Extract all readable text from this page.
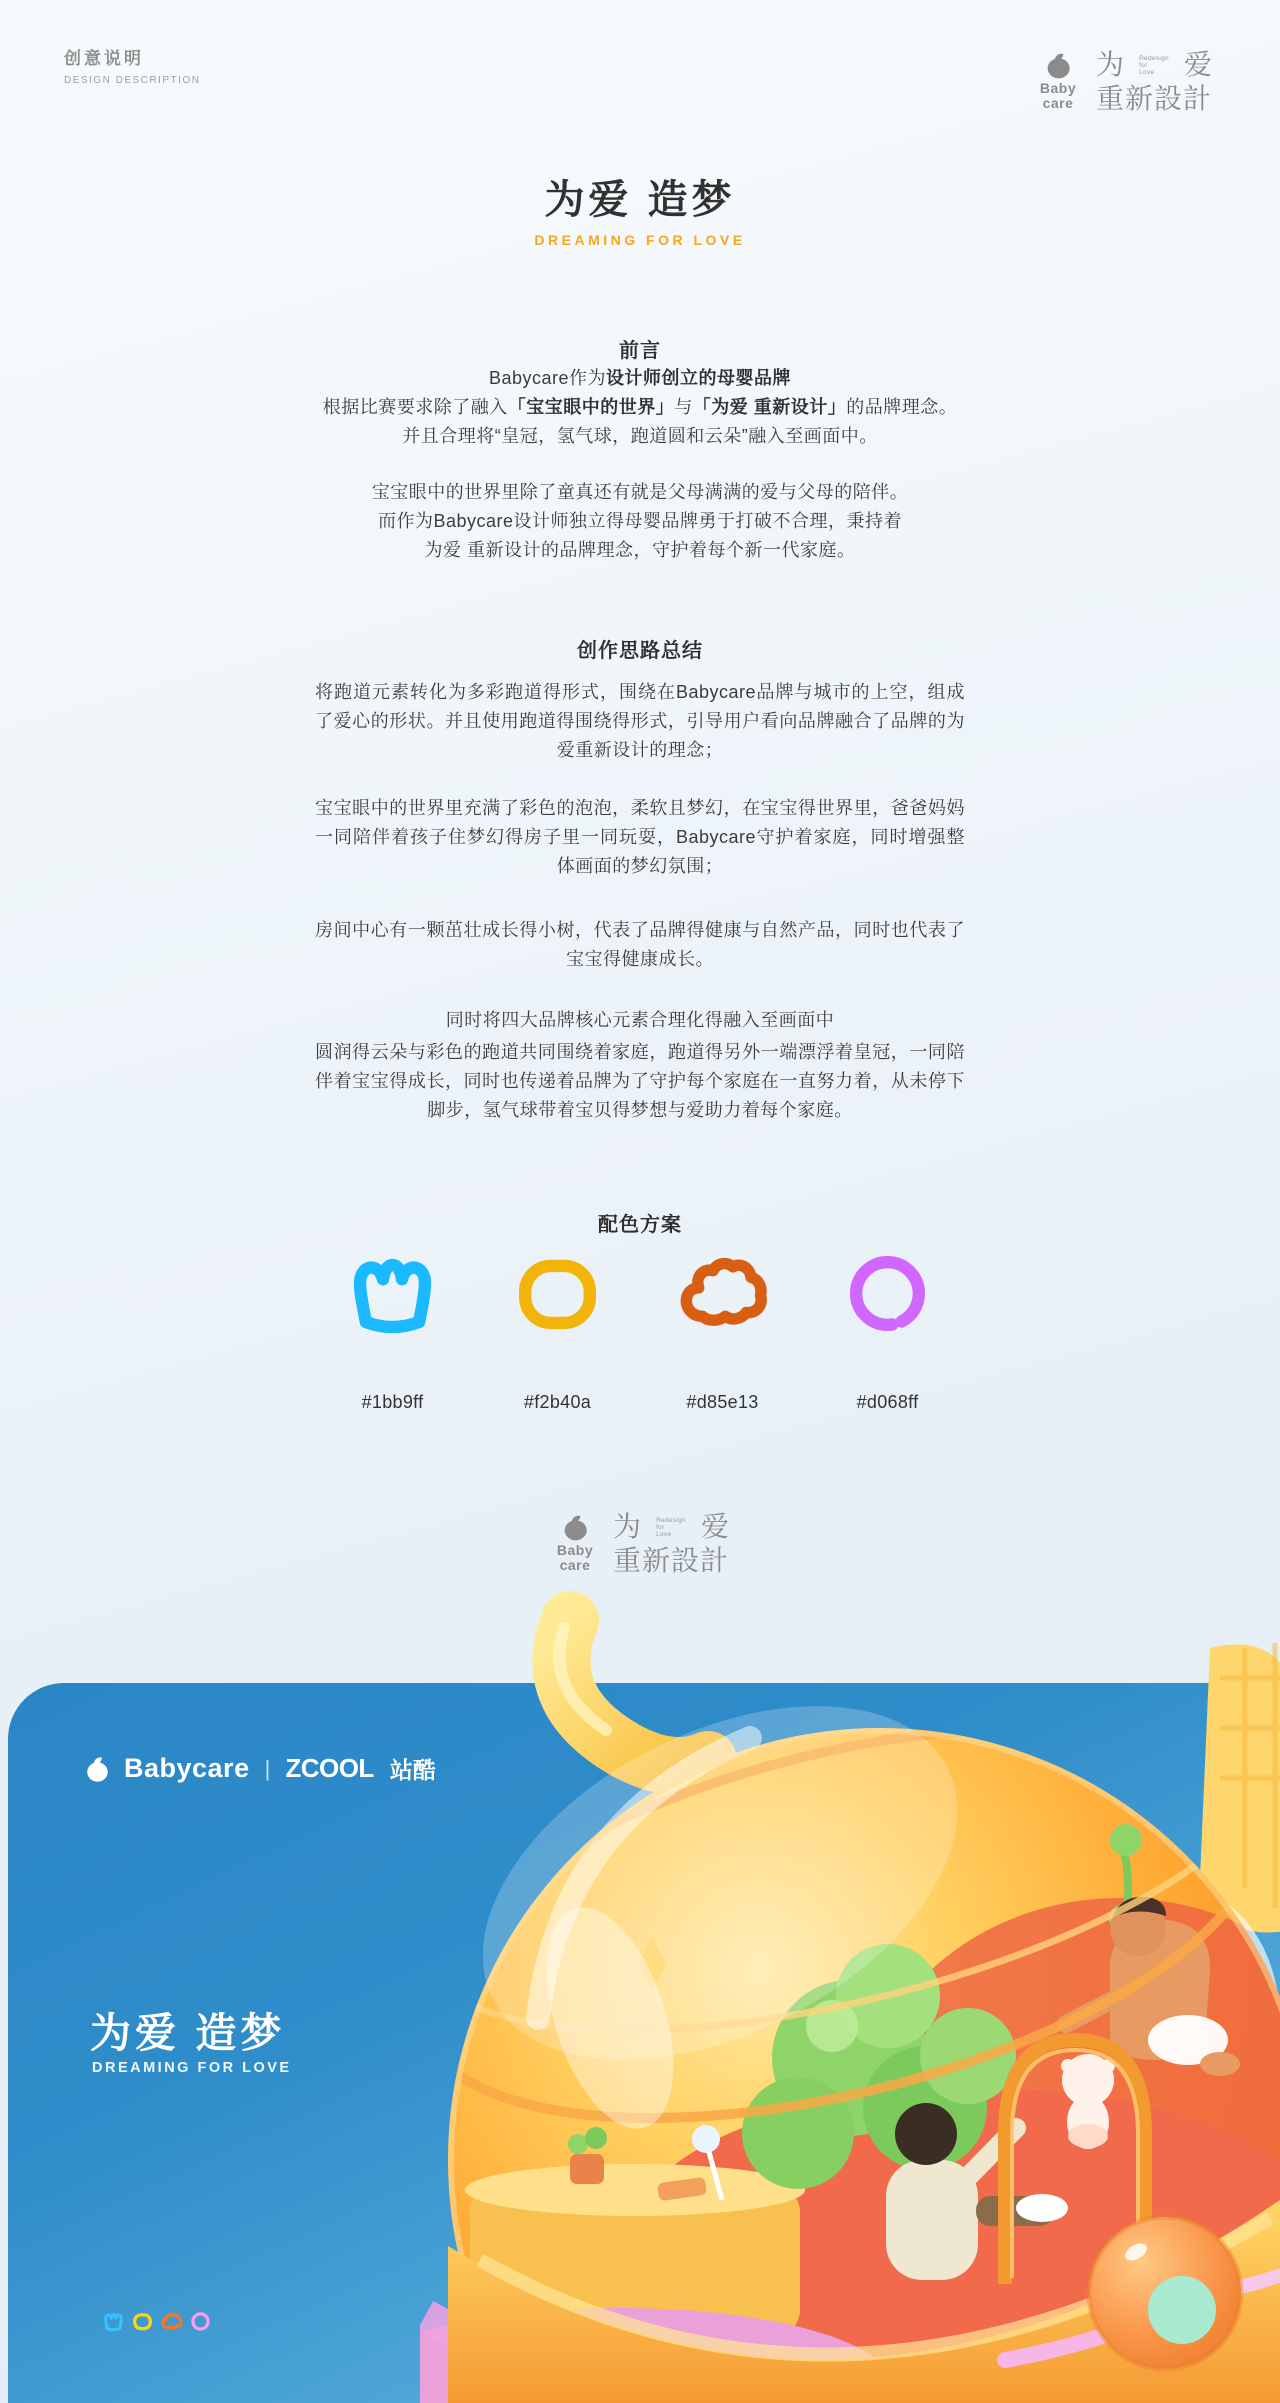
创意说明
DESIGN DESCRIPTION	Baby
care
为 Redesign
for
Love	爱
重新設計
为爱 造梦
DREAMING FOR LOVE
前言
Babycare作为设计师创立的母婴品牌
根据比赛要求除了融入「宝宝眼中的世界」与「为爱 重新设计」的品牌理念。
并且合理将“皇冠，氢气球，跑道圆和云朵”融入至画面中。
宝宝眼中的世界里除了童真还有就是父母满满的爱与父母的陪伴。
而作为Babycare设计师独立得母婴品牌勇于打破不合理，秉持着
为爱 重新设计的品牌理念，守护着每个新一代家庭。
创作思路总结
将跑道元素转化为多彩跑道得形式，围绕在Babycare品牌与城市的上空，组成了爱心的形状。并且使用跑道得围绕得形式，引导用户看向品牌融合了品牌的为爱重新设计的理念；
宝宝眼中的世界里充满了彩色的泡泡，柔软且梦幻，在宝宝得世界里，爸爸妈妈一同陪伴着孩子住梦幻得房子里一同玩耍，Babycare守护着家庭，同时增强整体画面的梦幻氛围；
房间中心有一颗茁壮成长得小树，代表了品牌得健康与自然产品，同时也代表了宝宝得健康成长。
同时将四大品牌核心元素合理化得融入至画面中
圆润得云朵与彩色的跑道共同围绕着家庭，跑道得另外一端漂浮着皇冠，一同陪伴着宝宝得成长，同时也传递着品牌为了守护每个家庭在一直努力着，从未停下脚步，氢气球带着宝贝得梦想与爱助力着每个家庭。
配色方案
#1bb9ff	#f2b40a	#d85e13	#d068ff
Baby
care
为 Redesign
for
Love	爱
重新設計
Babycare | ZCOOL 站酷
为爱 造梦
DREAMING FOR LOVE
